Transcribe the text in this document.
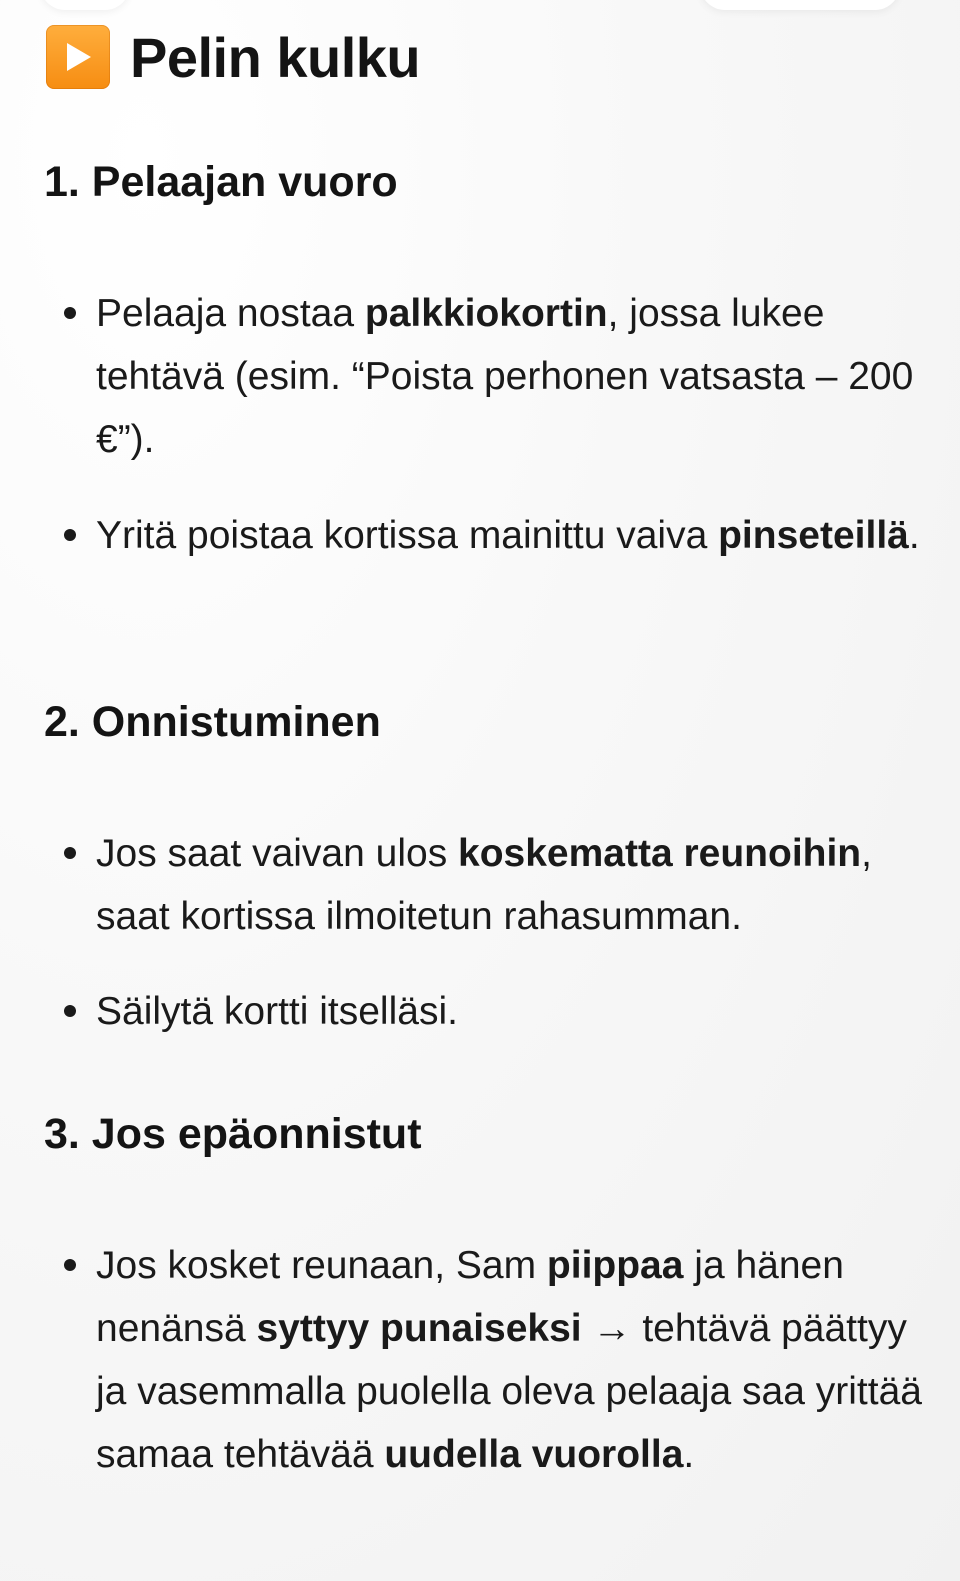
Pelin kulku
1. Pelaajan vuoro
Pelaaja nostaa palkkiokortin, jossa lukee tehtävä (esim. “Poista perhonen vatsasta – 200 €”).
Yritä poistaa kortissa mainittu vaiva pinseteillä.
2. Onnistuminen
Jos saat vaivan ulos koskematta reunoihin, saat kortissa ilmoitetun rahasumman.
Säilytä kortti itselläsi.
3. Jos epäonnistut
Jos kosket reunaan, Sam piippaa ja hänen nenänsä syttyy punaiseksi → tehtävä päättyy ja vasemmalla puolella oleva pelaaja saa yrittää samaa tehtävää uudella vuorolla.
